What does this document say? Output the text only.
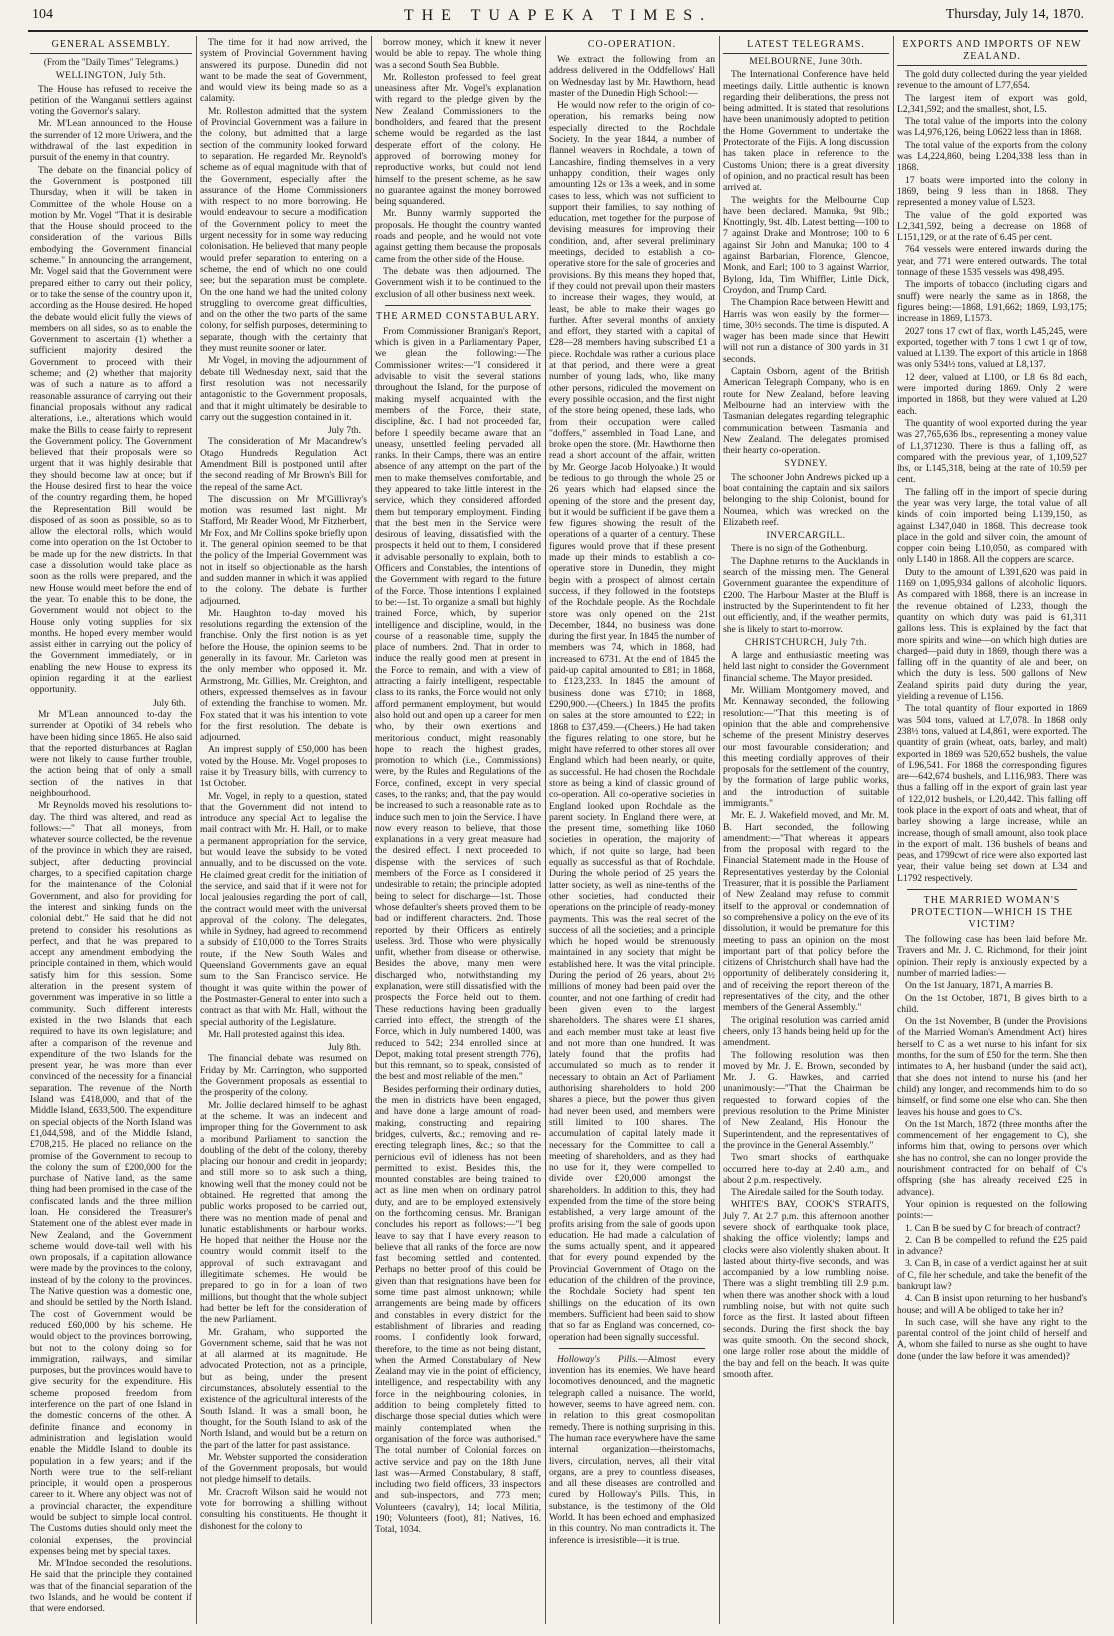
104	THE TUAPEKA TIMES.	Thursday, July 14, 1870.
GENERAL ASSEMBLY.
(From the "Daily Times" Telegrams.)
WELLINGTON, July 5th.

The House has refused to receive the petition of the Wanganui settlers against voting the Governor's salary.

Mr. M'Lean announced to the House the surrender of 12 more Uriwera, and the withdrawal of the last expedition in pursuit of the enemy in that country.

The debate on the financial policy of the Government is postponed till Thursday, when it will be taken in Committee of the whole House on a motion by Mr. Vogel "That it is desirable that the House should proceed to the consideration of the various Bills embodying the Government financial scheme." In announcing the arrangement, Mr. Vogel said that the Government were prepared either to carry out their policy, or to take the sense of the country upon it, according as the House desired. He hoped the debate would elicit fully the views of members on all sides, so as to enable the Government to ascertain (1) whether a sufficient majority desired the Government to proceed with their scheme; and (2) whether that majority was of such a nature as to afford a reasonable assurance of carrying out their financial proposals without any radical alterations, i.e., alterations which would make the Bills to cease fairly to represent the Government policy. The Government believed that their proposals were so urgent that it was highly desirable that they should become law at once; but if the House desired first to hear the voice of the country regarding them, he hoped the Representation Bill would be disposed of as soon as possible, so as to allow the electoral rolls, which would come into operation on the 1st October to be made up for the new districts. In that case a dissolution would take place as soon as the rolls were prepared, and the new House would meet before the end of the year. To enable this to be done, the Government would not object to the House only voting supplies for six months. He hoped every member would assist either in carrying out the policy of the Government immediately, or in enabling the new House to express its opinion regarding it at the earliest opportunity.

July 6th.

Mr M'Lean announced to-day the surrender at Opotiki of 34 rebels who have been hiding since 1865. He also said that the reported disturbances at Raglan were not likely to cause further trouble, the action being that of only a small section of the natives in that neighbourhood.

Mr Reynolds moved his resolutions to-day. The third was altered, and read as follows:—" That all moneys, from whatever source collected, be the revenue of the province in which they are raised, subject, after deducting provincial charges, to a specified capitation charge for the maintenance of the Colonial Government, and also for providing for the interest and sinking funds on the colonial debt." He said that he did not pretend to consider his resolutions as perfect, and that he was prepared to accept any amendment embodying the principle contained in them, which would satisfy him for this session. Some alteration in the present system of government was imperative in so little a community. Such different interests existed in the two Islands that each required to have its own legislature; and after a comparison of the revenue and expenditure of the two Islands for the present year, he was more than ever convinced of the necessity for a financial separation. The revenue of the North Island was £418,000, and that of the Middle Island, £633,500. The expenditure on special objects of the North Island was £1,044,598, and of the Middle Island, £708,215. He placed no reliance on the promise of the Government to recoup to the colony the sum of £200,000 for the purchase of Native land, as the same thing had been promised in the case of the confiscated lands and the three million loan. He considered the Treasurer's Statement one of the ablest ever made in New Zealand, and the Government scheme would dove-tail well with his own proposals, if a capitation allowance were made by the provinces to the colony, instead of by the colony to the provinces. The Native question was a domestic one, and should be settled by the North Island. The cost of Government would be reduced £60,000 by his scheme. He would object to the provinces borrowing, but not to the colony doing so for immigration, railways, and similar purposes, but the provinces would have to give security for the expenditure. His scheme proposed freedom from interference on the part of one Island in the domestic concerns of the other. A definite finance and economy in administration and legislation would enable the Middle Island to double its population in a few years; and if the North were true to the self-reliant principle, it would open a prosperous career to it. Where any object was not of a provincial character, the expenditure would be subject to simple local control. The Customs duties should only meet the colonial expenses, the provincial expenses being met by special taxes.

Mr. M'Indoe seconded the resolutions. He said that the principle they contained was that of the financial separation of the two Islands, and he would be content if that were endorsed.

The time for it had now arrived, the system of Provincial Government having answered its purpose. Dunedin did not want to be made the seat of Government, and would view its being made so as a calamity.

Mr. Rolleston admitted that the system of Provincial Government was a failure in the colony, but admitted that a large section of the community looked forward to separation. He regarded Mr. Reynold's scheme as of equal magnitude with that of the Government, especially after the assurance of the Home Commissioners with respect to no more borrowing. He would endeavour to secure a modification of the Government policy to meet the urgent necessity for in some way reducing colonisation. He believed that many people would prefer separation to entering on a scheme, the end of which no one could see; but the separation must be complete. On the one hand we had the united colony struggling to overcome great difficulties, and on the other the two parts of the same colony, for selfish purposes, determining to separate, though with the certainty that they must reunite sooner or later.

Mr Vogel, in moving the adjournment of debate till Wednesday next, said that the first resolution was not necessarily antagonistic to the Government proposals, and that it might ultimately be desirable to carry out the suggestion contained in it.

July 7th.

The consideration of Mr Macandrew's Otago Hundreds Regulation Act Amendment Bill is postponed until after the second reading of Mr Brown's Bill for the repeal of the same Act.

The discussion on Mr M'Gillivray's motion was resumed last night. Mr Stafford, Mr Reader Wood, Mr Fitzherbert, Mr Fox, and Mr Collins spoke briefly upon it. The general opinion seemed to be that the policy of the Imperial Government was not in itself so objectionable as the harsh and sudden manner in which it was applied to the colony. The debate is further adjourned.

Mr. Haughton to-day moved his resolutions regarding the extension of the franchise. Only the first notion is as yet before the House, the opinion seems to be generally in its favour. Mr. Carleton was the only member who opposed it. Mr. Armstrong, Mr. Gillies, Mr. Creighton, and others, expressed themselves as in favour of extending the franchise to women. Mr. Fox stated that it was his intention to vote for the first resolution. The debate is adjourned.

An imprest supply of £50,000 has been voted by the House. Mr. Vogel proposes to raise it by Treasury bills, with currency to 1st October.

Mr. Vogel, in reply to a question, stated that the Government did not intend to introduce any special Act to legalise the mail contract with Mr. H. Hall, or to make a permanent appropriation for the service, but would leave the subsidy to be voted annually, and to be discussed on the vote. He claimed great credit for the initiation of the service, and said that if it were not for local jealousies regarding the port of call, the contract would meet with the universal approval of the colony. The delegates, while in Sydney, had agreed to recommend a subsidy of £10,000 to the Torres Straits route, if the New South Wales and Queensland Governments gave an equal sum to the San Francisco service. He thought it was quite within the power of the Postmaster-General to enter into such a contract as that with Mr. Hall, without the special authority of the Legislature.

Mr. Hall protested against this idea.

July 8th.

The financial debate was resumed on Friday by Mr. Carrington, who supported the Government proposals as essential to the prosperity of the colony.

Mr. Jollie declared himself to be aghast at the scheme. It was an indecent and improper thing for the Government to ask a moribund Parliament to sanction the doubling of the debt of the colony, thereby placing our honour and credit in jeopardy; and still more so to ask such a thing, knowing well that the money could not be obtained. He regretted that among the public works proposed to be carried out, there was no mention made of penal and lunatic establishments or harbour works. He hoped that neither the House nor the country would commit itself to the approval of such extravagant and illegitimate schemes. He would be prepared to go in for a loan of two millions, but thought that the whole subject had better be left for the consideration of the new Parliament.

Mr. Graham, who supported the Government scheme, said that he was not at all alarmed at its magnitude. He advocated Protection, not as a principle, but as being, under the present circumstances, absolutely essential to the existence of the agricultural interests of the South Island. It was a small boon, he thought, for the South Island to ask of the North Island, and would but be a return on the part of the latter for past assistance.

Mr. Webster supported the consideration of the Government proposals, but would not pledge himself to details.

Mr. Cracroft Wilson said he would not vote for borrowing a shilling without consulting his constituents. He thought it dishonest for the colony to

borrow money, which it knew it never would be able to repay. The whole thing was a second South Sea Bubble.

Mr. Rolleston professed to feel great uneasiness after Mr. Vogel's explanation with regard to the pledge given by the New Zealand Commissioners to the bondholders, and feared that the present scheme would be regarded as the last desperate effort of the colony. He approved of borrowing money for reproductive works, but could not lend himself to the present scheme, as he saw no guarantee against the money borrowed being squandered.

Mr. Bunny warmly supported the proposals. He thought the country wanted roads and people, and he would not vote against getting them because the proposals came from the other side of the House.

The debate was then adjourned. The Government wish it to be continued to the exclusion of all other business next week.

THE ARMED CONSTABULARY.

From Commissioner Branigan's Report, which is given in a Parliamentary Paper, we glean the following:—The Commissioner writes:—"I considered it advisable to visit the several stations throughout the Island, for the purpose of making myself acquainted with the members of the Force, their state, discipline, &c. I had not proceeded far, before I speedily became aware that an uneasy, unsettled feeling pervaded all ranks. In their Camps, there was an entire absence of any attempt on the part of the men to make themselves comfortable, and they appeared to take little interest in the service, which they considered afforded them but temporary employment. Finding that the best men in the Service were desirous of leaving, dissatisfied with the prospects it held out to them, I considered it advisable personally to explain, both to Officers and Constables, the intentions of the Government with regard to the future of the Force. Those intentions I explained to be:—1st. To organize a small but highly trained Force, which, by superior intelligence and discipline, would, in the course of a reasonable time, supply the place of numbers. 2nd. That in order to induce the really good men at present in the Force to remain, and with a view of attracting a fairly intelligent, respectable class to its ranks, the Force would not only afford permanent employment, but would also hold out and open up a career for men who, by their own exertions and meritorious conduct, might reasonably hope to reach the highest grades, promotion to which (i.e., Commissions) were, by the Rules and Regulations of the Force, confined, except in very special cases, to the ranks; and, that the pay would be increased to such a reasonable rate as to induce such men to join the Service. I have now every reason to believe, that those explanations in a very great measure had the desired effect. I next proceeded to dispense with the services of such members of the Force as I considered it undesirable to retain; the principle adopted being to select for discharge—1st. Those whose defaulter's sheets proved them to be bad or indifferent characters. 2nd. Those reported by their Officers as entirely useless. 3rd. Those who were physically unfit, whether from disease or otherwise. Besides the above, many men were discharged who, notwithstanding my explanation, were still dissatisfied with the prospects the Force held out to them. These reductions having been gradually carried into effect, the strength of the Force, which in July numbered 1400, was reduced to 542; 234 enrolled since at Depot, making total present strength 776), but this remnant, so to speak, consisted of the best and most reliable of the men."

Besides performing their ordinary duties, the men in districts have been engaged, and have done a large amount of road-making, constructing and repairing bridges, culverts, &c.; removing and re-erecting telegraph lines, &c.; so that the pernicious evil of idleness has not been permitted to exist. Besides this, the mounted constables are being trained to act as line men when on ordinary patrol duty, and are to be employed extensively on the forthcoming census. Mr. Branigan concludes his report as follows:—"I beg leave to say that I have every reason to believe that all ranks of the force are now fast becoming settled and contented. Perhaps no better proof of this could be given than that resignations have been for some time past almost unknown; while arrangements are being made by officers and constables in every district for the establishment of libraries and reading rooms. I confidently look forward, therefore, to the time as not being distant, when the Armed Constabulary of New Zealand may vie in the point of efficiency, intelligence, and respectability with any force in the neighbouring colonies, in addition to being completely fitted to discharge those special duties which were mainly contemplated when the organisation of the force was authorised." The total number of Colonial forces on active service and pay on the 18th June last was—Armed Constabulary, 8 staff, including two field officers, 33 inspectors and sub-inspectors, and 773 men; Volunteers (cavalry), 14; local Militia, 190; Volunteers (foot), 81; Natives, 16. Total, 1034.

CO-OPERATION.

We extract the following from an address delivered in the Oddfellows' Hall on Wednesday last by Mr. Hawthorn, head master of the Dunedin High School:—

He would now refer to the origin of co-operation, his remarks being now especially directed to the Rochdale Society. In the year 1844, a number of flannel weavers in Rochdale, a town of Lancashire, finding themselves in a very unhappy condition, their wages only amounting 12s or 13s a week, and in some cases to less, which was not sufficient to support their families, to say nothing of education, met together for the purpose of devising measures for improving their condition, and, after several preliminary meetings, decided to establish a co-operative store for the sale of groceries and provisions. By this means they hoped that, if they could not prevail upon their masters to increase their wages, they would, at least, be able to make their wages go further. After several months of anxiety and effort, they started with a capital of £28—28 members having subscribed £1 a piece. Rochdale was rather a curious place at that period, and there were a great number of young lads, who, like many other persons, ridiculed the movement on every possible occasion, and the first night of the store being opened, these lads, who from their occupation were called "doffers," assembled in Toad Lane, and broke open the store. (Mr. Hawthorne then read a short account of the affair, written by Mr. George Jacob Holyoake.) It would be tedious to go through the whole 25 or 26 years which had elapsed since the opening of the store and the present day, but it would be sufficient if be gave them a few figures showing the result of the operations of a quarter of a century. These figures would prove that if these present made up their minds to establish a co-operative store in Dunedin, they might begin with a prospect of almost certain success, if they followed in the footsteps of the Rochdale people. As the Rochdale store was only opened on the 21st December, 1844, no business was done during the first year. In 1845 the number of members was 74, which in 1868, had increased to 6731. At the end of 1845 the paid-up capital amounted to £81; in 1868, to £123,233. In 1845 the amount of business done was £710; in 1868, £290,900.—(Cheers.) In 1845 the profits on sales at the store amounted to £22; in 1868 to £37,459.—(Cheers.) He had taken the figures relating to one store, but he might have referred to other stores all over England which had been nearly, or quite, as successful. He had chosen the Rochdale store as being a kind of classic ground of co-operation. All co-operative societies in England looked upon Rochdale as the parent society. In England there were, at the present time, something like 1060 societies in operation, the majority of which, if not quite so large, had been equally as successful as that of Rochdale. During the whole period of 25 years the latter society, as well as nine-tenths of the other societies, had conducted their operations on the principle of ready-money payments. This was the real secret of the success of all the societies; and a principle which he hoped would be strenuously maintained in any society that might be established here. It was the vital principle. During the period of 26 years, about 2½ millions of money had been paid over the counter, and not one farthing of credit had been given even to the largest shareholders. The shares were £1 shares, and each member must take at least five and not more than one hundred. It was lately found that the profits had accumulated so much as to render it necessary to obtain an Act of Parliament authorising shareholders to hold 200 shares a piece, but the power thus given had never been used, and members were still limited to 100 shares. The accumulation of capital lately made it necessary for the Committee to call a meeting of shareholders, and as they had no use for it, they were compelled to divide over £20,000 amongst the shareholders. In addition to this, they had expended from the time of the store being established, a very large amount of the profits arising from the sale of goods upon education. He had made a calculation of the sums actually spent, and it appeared that for every pound expended by the Provincial Government of Otago on the education of the children of the province, the Rochdale Society had spent ten shillings on the education of its own members. Sufficient had been said to show that so far as England was concerned, co-operation had been signally successful.

Holloway's Pills.—Almost every invention has its enemies. We have heard locomotives denounced, and the magnetic telegraph called a nuisance. The world, however, seems to have agreed nem. con. in relation to this great cosmopolitan remedy. There is nothing surprising in this. The human race everywhere have the same internal organization—theirstomachs, livers, circulation, nerves, all their vital organs, are a prey to countless diseases, and all these diseases are controlled and cured by Holloway's Pills. This, in substance, is the testimony of the Old World. It has been echoed and emphasized in this country. No man contradicts it. The inference is irresistible—it is true.

LATEST TELEGRAMS.
MELBOURNE, June 30th.

The International Conference have held meetings daily. Little authentic is known regarding their deliberations, the press not being admitted. It is stated that resolutions have been unanimously adopted to petition the Home Government to undertake the Protectorate of the Fijis. A long discussion has taken place in reference to the Customs Union; there is a great diversity of opinion, and no practical result has been arrived at.

The weights for the Melbourne Cup have been declared. Manuka, 9st 9lb.; Knottingly, 9st. 4lb. Latest betting—100 to 7 against Drake and Montrose; 100 to 6 against Sir John and Manuka; 100 to 4 against Barbarian, Florence, Glencoe, Monk, and Earl; 100 to 3 against Warrior, Bylong, Ida, Tim Whiffler, Little Dick, Croydon, and Trump Card.

The Champion Race between Hewitt and Harris was won easily by the former—time, 30½ seconds. The time is disputed. A wager has been made since that Hewitt will not run a distance of 300 yards in 31 seconds.

Captain Osborn, agent of the British American Telegraph Company, who is en route for New Zealand, before leaving Melbourne had an interview with the Tasmanian delegates regarding telegraphic communication between Tasmania and New Zealand. The delegates promised their hearty co-operation.

SYDNEY.

The schooner John Andrews picked up a boat containing the captain and six sailors belonging to the ship Colonist, bound for Noumea, which was wrecked on the Elizabeth reef.

INVERCARGILL.

There is no sign of the Gothenburg.

The Daphne returns to the Aucklands in search of the missing men. The General Government guarantee the expenditure of £200. The Harbour Master at the Bluff is instructed by the Superintendent to fit her out efficiently, and, if the weather permits, she is likely to start to-morrow.

CHRISTCHURCH, July 7th.

A large and enthusiastic meeting was held last night to consider the Government financial scheme. The Mayor presided.

Mr. William Montgomery moved, and Mr. Kennaway seconded, the following resolution:—"That this meeting is of opinion that the able and comprehensive scheme of the present Ministry deserves our most favourable consideration; and this meeting cordially approves of their proposals for the settlement of the country, by the formation of large public works, and the introduction of suitable immigrants."

Mr. E. J. Wakefield moved, and Mr. M. B. Hart seconded, the following amendment:—"That whereas it appears from the proposal with regard to the Financial Statement made in the House of Representatives yesterday by the Colonial Treasurer, that it is possible the Parliament of New Zealand may refuse to commit itself to the approval or condemnation of so comprehensive a policy on the eve of its dissolution, it would be premature for this meeting to pass an opinion on the most important part of that policy before the citizens of Christchurch shall have had the opportunity of deliberately considering it, and of receiving the report thereon of the representatives of the city, and the other members of the General Assembly."

The original resolution was carried amid cheers, only 13 hands being held up for the amendment.

The following resolution was then moved by Mr. J. E. Brown, seconded by Mr. J. G. Hawkes, and carried unanimously:—"That the Chairman be requested to forward copies of the previous resolution to the Prime Minister of New Zealand, His Honour the Superintendent, and the representatives of the province in the General Assembly."

Two smart shocks of earthquake occurred here to-day at 2.40 a.m., and about 2 p.m. respectively.

The Airedale sailed for the South today.

WHITE'S BAY, COOK'S STRAITS, July 7. At 2.7 p.m. this afternoon another severe shock of earthquake took place, shaking the office violently; lamps and clocks were also violently shaken about. It lasted about thirty-five seconds, and was accompanied by a low rumbling noise. There was a slight trembling till 2.9 p.m. when there was another shock with a loud rumbling noise, but with not quite such force as the first. It lasted about fifteen seconds. During the first shock the bay was quite smooth. On the second shock, one large roller rose about the middle of the bay and fell on the beach. It was quite smooth after.

EXPORTS AND IMPORTS OF NEW ZEALAND.

The gold duty collected during the year yielded revenue to the amount of L77,654.

The largest item of export was gold, L2,341,592; and the smallest, shot, L5.

The total value of the imports into the colony was L4,976,126, being L0622 less than in 1868.

The total value of the exports from the colony was L4,224,860, being L204,338 less than in 1868.

17 boats were imported into the colony in 1869, being 9 less than in 1868. They represented a money value of L523.

The value of the gold exported was L2,341,592, being a decrease on 1868 of L151,129, or at the rate of 6.45 per cent.

764 vessels were entered inwards during the year, and 771 were entered outwards. The total tonnage of these 1535 vessels was 498,495.

The imports of tobacco (including cigars and snuff) were nearly the same as in 1868, the figures being:—1868, L91,662; 1869, L93,175; increase in 1869, L1573.

2027 tons 17 cwt of flax, worth L45,245, were exported, together with 7 tons 1 cwt 1 qr of tow, valued at L139. The export of this article in 1868 was only 534½ tons, valued at L8,137.

12 deer, valued at L100, or L8 6s 8d each, were imported during 1869. Only 2 were imported in 1868, but they were valued at L20 each.

The quantity of wool exported during the year was 27,765,636 lbs., representing a money value of L1,371230. There is thus a falling off, as compared with the previous year, of 1,109,527 lbs, or L145,318, being at the rate of 10.59 per cent.

The falling off in the import of specie during the year was very large, the total value of all kinds of coin imported being L139,150, as against L347,040 in 1868. This decrease took place in the gold and silver coin, the amount of copper coin being L10,050, as compared with only L140 in 1868. All the coppers are scarce.

Duty to the amount of L391,620 was paid in 1169 on 1,095,934 gallons of alcoholic liquors. As compared with 1868, there is an increase in the revenue obtained of L233, though the quantity on which duty was paid is 61,311 gallons less. This is explained by the fact that more spirits and wine—on which high duties are charged—paid duty in 1869, though there was a falling off in the quantity of ale and beer, on which the duty is less. 500 gallons of New Zealand spirits paid duty during the year, yielding a revenue of L156.

The total quantity of flour exported in 1869 was 504 tons, valued at L7,078. In 1868 only 238½ tons, valued at L4,861, were exported. The quantity of grain (wheat, oats, barley, and malt) exported in 1869 was 520,652 bushels, the value of L96,541. For 1868 the corresponding figures are—642,674 bushels, and L116,983. There was thus a falling off in the export of grain last year of 122,012 bushels, or L20,442. This falling off took place in the export of oats and wheat, that of barley showing a large increase, while an increase, though of small amount, also took place in the export of malt. 136 bushels of beans and peas, and 1799cwt of rice were also exported last year, their value being set down at L34 and L1792 respectively.

THE MARRIED WOMAN'S PROTECTION—WHICH IS THE VICTIM?

The following case has been laid before Mr. Travers and Mr. J. C. Richmond, for their joint opinion. Their reply is anxiously expected by a number of married ladies:—

On the 1st January, 1871, A marries B.

On the 1st October, 1871, B gives birth to a child.

On the 1st November, B (under the Provisions of the Married Woman's Amendment Act) hires herself to C as a wet nurse to his infant for six months, for the sum of £50 for the term. She then intimates to A, her husband (under the said act), that she does not intend to nurse his (and her child) any longer, and recommends him to do so himself, or find some one else who can. She then leaves his house and goes to C's.

On the 1st March, 1872 (three months after the commencement of her engagement to C), she informs him that, owing to persons over which she has no control, she can no longer provide the nourishment contracted for on behalf of C's offspring (she has already received £25 in advance).

Your opinion is requested on the following points:—

1. Can B be sued by C for breach of contract?

2. Can B be compelled to refund the £25 paid in advance?

3. Can B, in case of a verdict against her at suit of C, file her schedule, and take the benefit of the bankrupt law?

4. Can B insist upon returning to her husband's house; and will A be obliged to take her in?

In such case, will she have any right to the parental control of the joint child of herself and A, whom she failed to nurse as she ought to have done (under the law before it was amended)?
